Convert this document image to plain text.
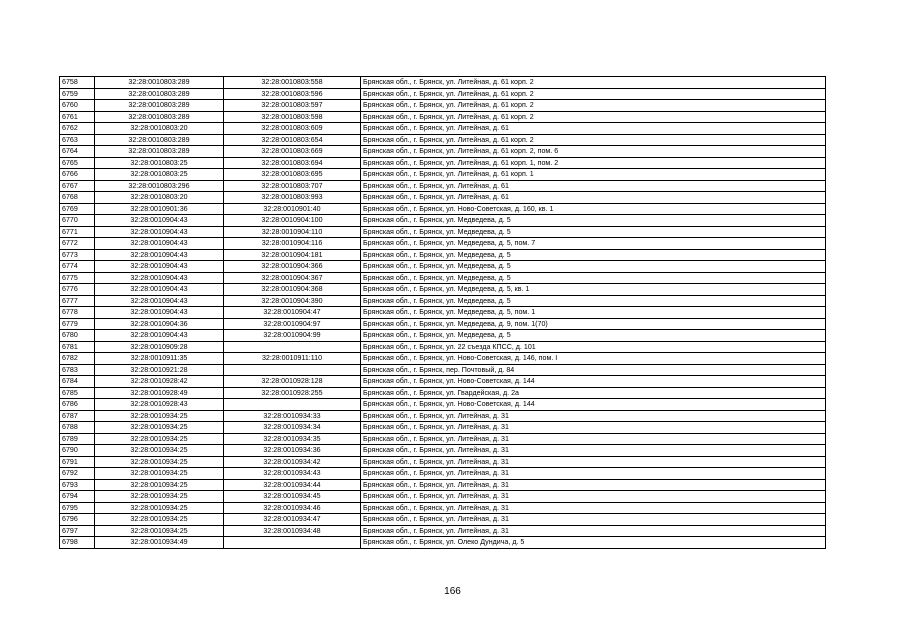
6758	32:28:0010803:289	32:28:0010803:558	Брянская обл., г. Брянск, ул. Литейная, д. 61 корп. 2
6759	32:28:0010803:289	32:28:0010803:596	Брянская обл., г. Брянск, ул. Литейная, д. 61 корп. 2
6760	32:28:0010803:289	32:28:0010803:597	Брянская обл., г. Брянск, ул. Литейная, д. 61 корп. 2
6761	32:28:0010803:289	32:28:0010803:598	Брянская обл., г. Брянск, ул. Литейная, д. 61 корп. 2
6762	32:28:0010803:20	32:28:0010803:609	Брянская обл., г. Брянск, ул. Литейная, д. 61
6763	32:28:0010803:289	32:28:0010803:654	Брянская обл., г. Брянск, ул. Литейная, д. 61 корп. 2
6764	32:28:0010803:289	32:28:0010803:669	Брянская обл., г. Брянск, ул. Литейная, д. 61 корп. 2, пом. 6
6765	32:28:0010803:25	32:28:0010803:694	Брянская обл., г. Брянск, ул. Литейная, д. 61 корп. 1, пом. 2
6766	32:28:0010803:25	32:28:0010803:695	Брянская обл., г. Брянск, ул. Литейная, д. 61 корп. 1
6767	32:28:0010803:296	32:28:0010803:707	Брянская обл., г. Брянск, ул. Литейная, д. 61
6768	32:28:0010803:20	32:28:0010803:993	Брянская обл., г. Брянск, ул. Литейная, д. 61
6769	32:28:0010901:36	32:28:0010901:40	Брянская обл., г. Брянск, ул. Ново-Советская, д. 160, кв. 1
6770	32:28:0010904:43	32:28:0010904:100	Брянская обл., г. Брянск, ул. Медведева, д. 5
6771	32:28:0010904:43	32:28:0010904:110	Брянская обл., г. Брянск, ул. Медведева, д. 5
6772	32:28:0010904:43	32:28:0010904:116	Брянская обл., г. Брянск, ул. Медведева, д. 5, пом. 7
6773	32:28:0010904:43	32:28:0010904:181	Брянская обл., г. Брянск, ул. Медведева, д. 5
6774	32:28:0010904:43	32:28:0010904:366	Брянская обл., г. Брянск, ул. Медведева, д. 5
6775	32:28:0010904:43	32:28:0010904:367	Брянская обл., г. Брянск, ул. Медведева, д. 5
6776	32:28:0010904:43	32:28:0010904:368	Брянская обл., г. Брянск, ул. Медведева, д. 5, кв. 1
6777	32:28:0010904:43	32:28:0010904:390	Брянская обл., г. Брянск, ул. Медведева, д. 5
6778	32:28:0010904:43	32:28:0010904:47	Брянская обл., г. Брянск, ул. Медведева, д. 5, пом. 1
6779	32:28:0010904:36	32:28:0010904:97	Брянская обл., г. Брянск, ул. Медведева, д. 9, пом. 1(70)
6780	32:28:0010904:43	32:28:0010904:99	Брянская обл., г. Брянск, ул. Медведева, д. 5
6781	32:28:0010909:28		Брянская обл., г. Брянск, ул. 22 съезда КПСС, д. 101
6782	32:28:0010911:35	32:28:0010911:110	Брянская обл., г. Брянск, ул. Ново-Советская, д. 146, пом. I
6783	32:28:0010921:28		Брянская обл., г. Брянск, пер. Почтовый, д. 84
6784	32:28:0010928:42	32:28:0010928:128	Брянская обл., г. Брянск, ул. Ново-Советская, д. 144
6785	32:28:0010928:49	32:28:0010928:255	Брянская обл., г. Брянск, ул. Гвардейская, д. 2а
6786	32:28:0010928:43		Брянская обл., г. Брянск, ул. Ново-Советская, д. 144
6787	32:28:0010934:25	32:28:0010934:33	Брянская обл., г. Брянск, ул. Литейная, д. 31
6788	32:28:0010934:25	32:28:0010934:34	Брянская обл., г. Брянск, ул. Литейная, д. 31
6789	32:28:0010934:25	32:28:0010934:35	Брянская обл., г. Брянск, ул. Литейная, д. 31
6790	32:28:0010934:25	32:28:0010934:36	Брянская обл., г. Брянск, ул. Литейная, д. 31
6791	32:28:0010934:25	32:28:0010934:42	Брянская обл., г. Брянск, ул. Литейная, д. 31
6792	32:28:0010934:25	32:28:0010934:43	Брянская обл., г. Брянск, ул. Литейная, д. 31
6793	32:28:0010934:25	32:28:0010934:44	Брянская обл., г. Брянск, ул. Литейная, д. 31
6794	32:28:0010934:25	32:28:0010934:45	Брянская обл., г. Брянск, ул. Литейная, д. 31
6795	32:28:0010934:25	32:28:0010934:46	Брянская обл., г. Брянск, ул. Литейная, д. 31
6796	32:28:0010934:25	32:28:0010934:47	Брянская обл., г. Брянск, ул. Литейная, д. 31
6797	32:28:0010934:25	32:28:0010934:48	Брянская обл., г. Брянск, ул. Литейная, д. 31
6798	32:28:0010934:49		Брянская обл., г. Брянск, ул. Олеко Дундича, д. 5
166
